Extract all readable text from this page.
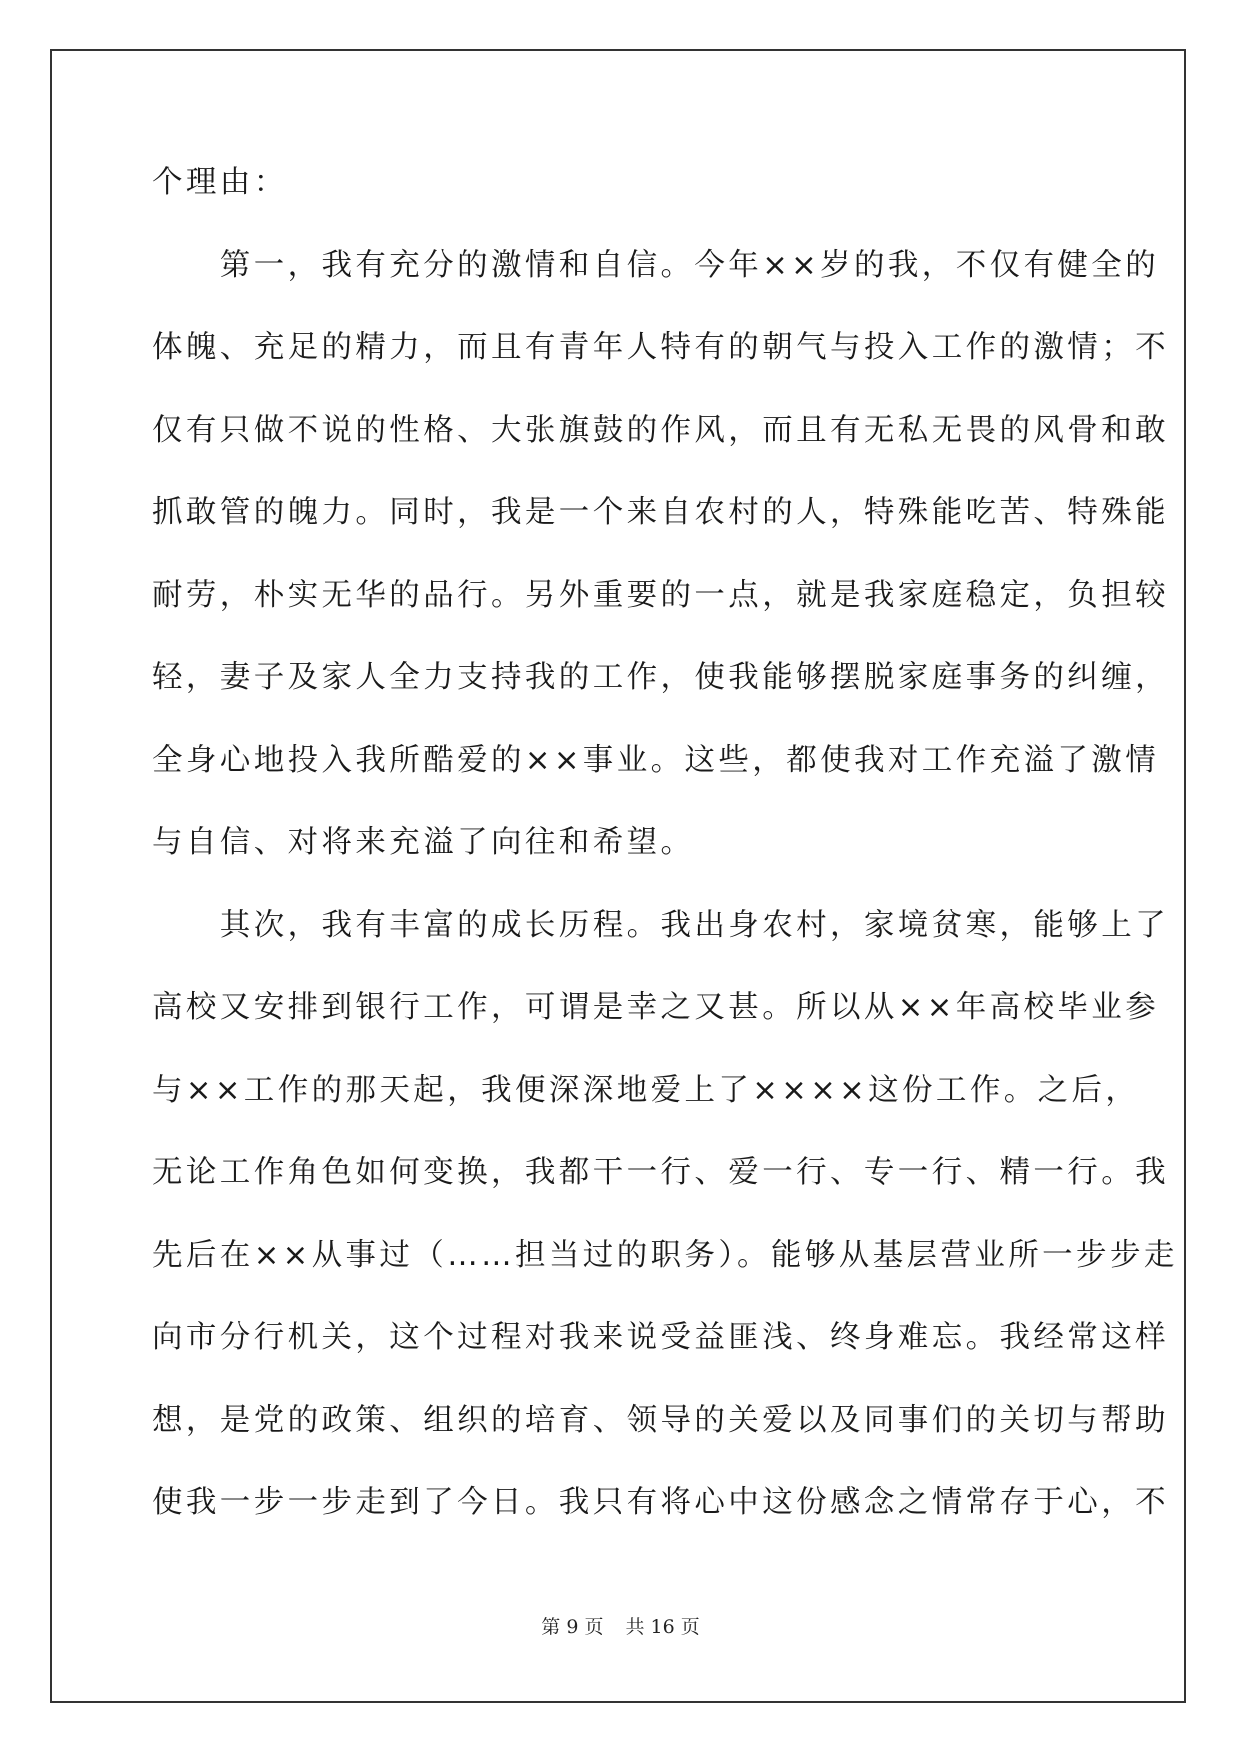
个理由：
　　第一，我有充分的激情和自信。今年××岁的我，不仅有健全的
体魄、充足的精力，而且有青年人特有的朝气与投入工作的激情；不
仅有只做不说的性格、大张旗鼓的作风，而且有无私无畏的风骨和敢
抓敢管的魄力。同时，我是一个来自农村的人，特殊能吃苦、特殊能
耐劳，朴实无华的品行。另外重要的一点，就是我家庭稳定，负担较
轻，妻子及家人全力支持我的工作，使我能够摆脱家庭事务的纠缠，
全身心地投入我所酷爱的××事业。这些，都使我对工作充溢了激情
与自信、对将来充溢了向往和希望。
　　其次，我有丰富的成长历程。我出身农村，家境贫寒，能够上了
高校又安排到银行工作，可谓是幸之又甚。所以从××年高校毕业参
与××工作的那天起，我便深深地爱上了××××这份工作。之后，
无论工作角色如何变换，我都干一行、爱一行、专一行、精一行。我
先后在××从事过（……担当过的职务）。能够从基层营业所一步步走
向市分行机关，这个过程对我来说受益匪浅、终身难忘。我经常这样
想，是党的政策、组织的培育、领导的关爱以及同事们的关切与帮助
使我一步一步走到了今日。我只有将心中这份感念之情常存于心，不
第 9 页 共 16 页
